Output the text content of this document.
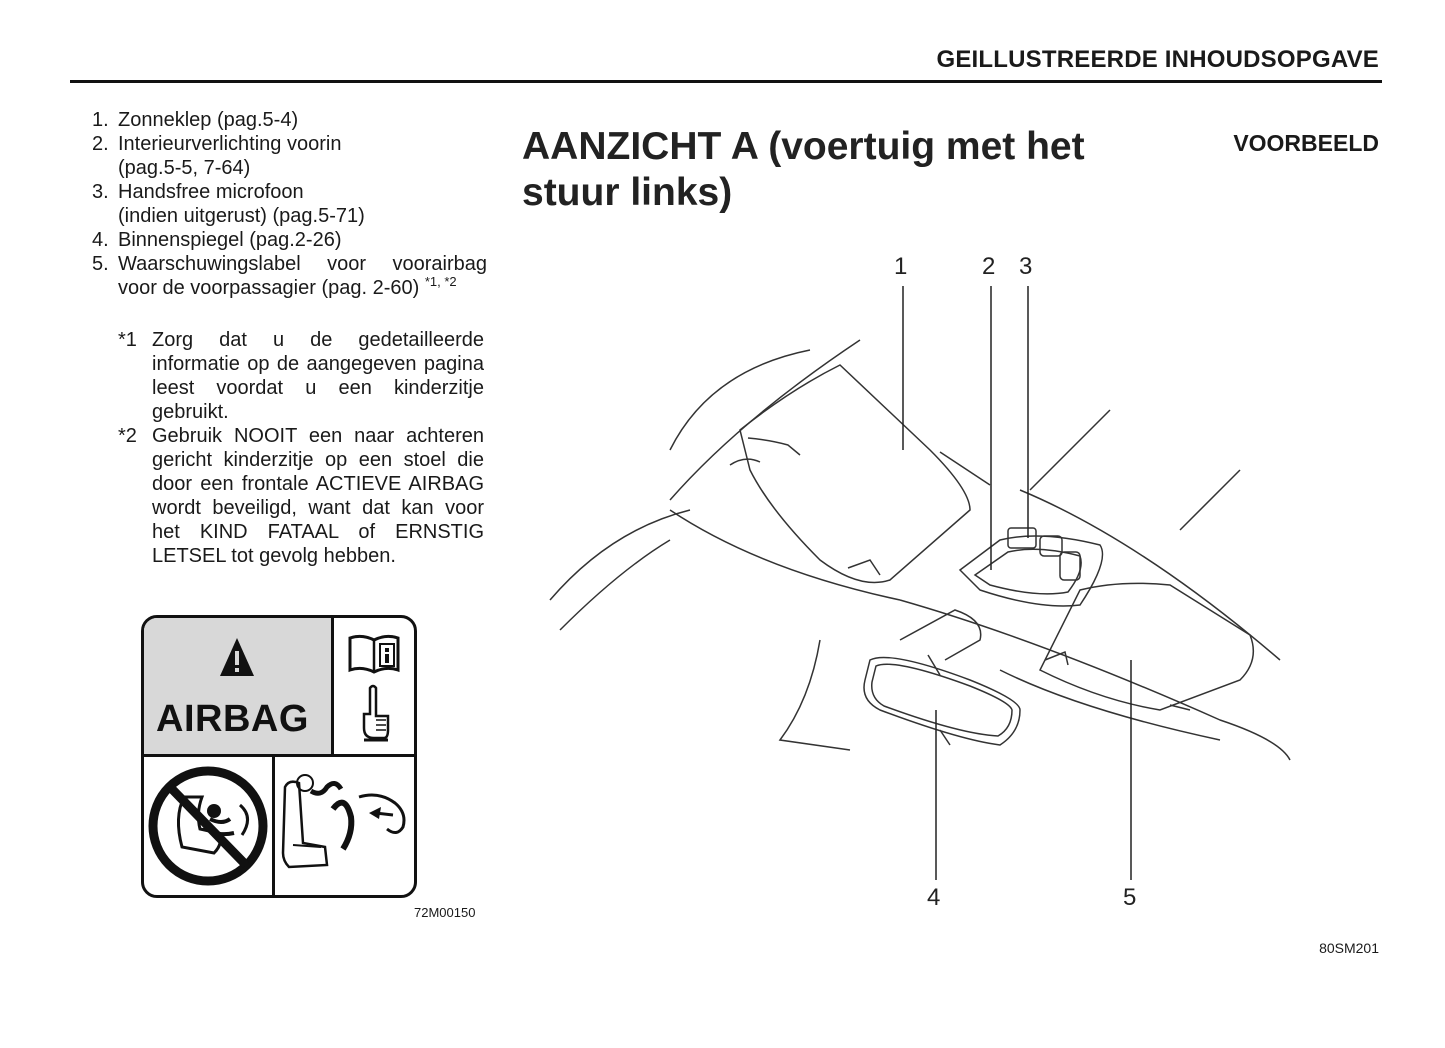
GEILLUSTREERDE INHOUDSOPGAVE
1. Zonneklep (pag.5-4)
2. Interieurverlichting voorin
(pag.5-5, 7-64)
3. Handsfree microfoon
(indien uitgerust) (pag.5-71)
4. Binnenspiegel (pag.2-26)
5. Waarschuwingslabel voor voorairbag
voor de voorpassagier (pag. 2-60) $^{*1, *2}$
*1 Zorg dat u de gedetailleerde informatie op de aangegeven pagina leest voordat u een kinderzitje gebruikt.
*2 Gebruik NOOIT een naar achteren gericht kinderzitje op een stoel die door een frontale ACTIEVE AIRBAG wordt beveiligd, want dat kan voor het KIND FATAAL of ERNSTIG LETSEL tot gevolg hebben.
AIRBAG
72M00150
AANZICHT A (voertuig met het
stuur links)
VOORBEELD
1	2 3
4	5
80SM201
